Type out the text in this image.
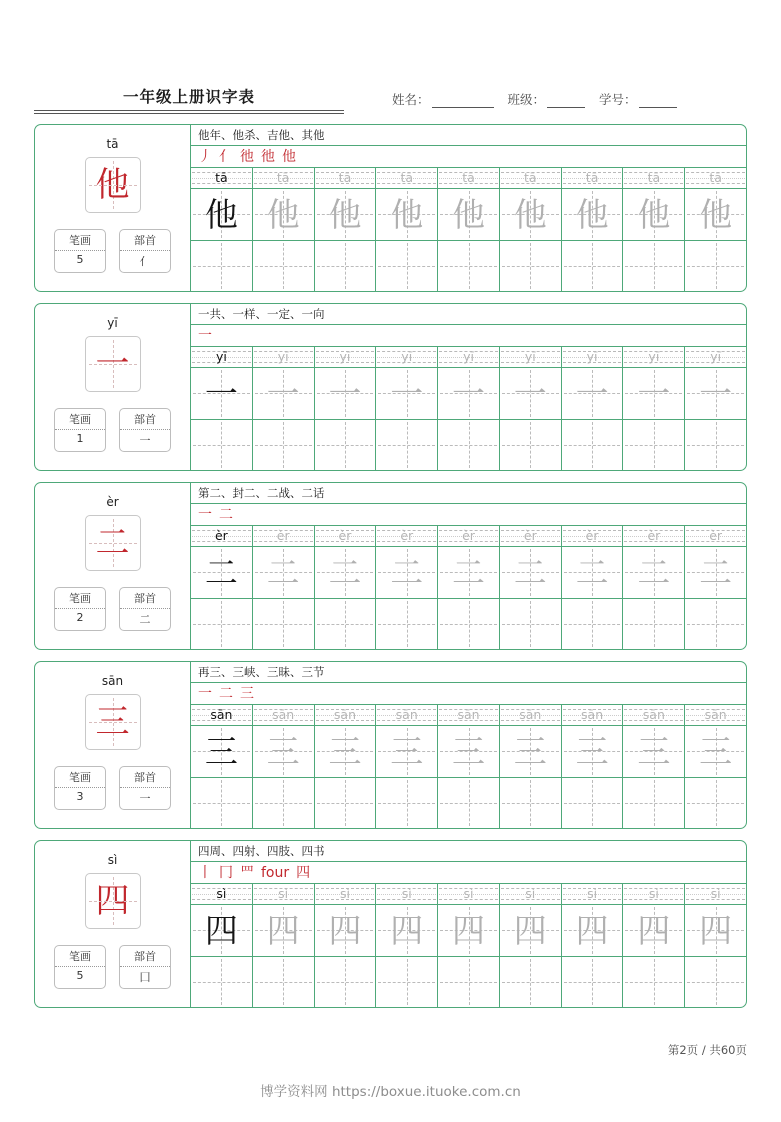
一年级上册识字表	姓名：	班级：	学号：
tā
他
笔画
5
部首
亻
他年、他杀、吉他、其他
丿 亻 彵 彵 他
tā	tā	tā	tā	tā	tā	tā	tā	tā
他 他 他 他 他 他 他 他 他
yī
一
笔画
1
部首
一
一共、一样、一定、一向
一
yī	yī	yī	yī	yī	yī	yī	yī	yī
一 一 一 一 一 一 一 一 一
èr
二
笔画
2
部首
二
第二、封二、二战、二话
一 二
èr	èr	èr	èr	èr	èr	èr	èr	èr
二 二 二 二 二 二 二 二 二
sān
三
笔画
3
部首
一
再三、三峡、三昧、三节
一 二 三
sān	sān	sān	sān	sān	sān	sān	sān	sān
三 三 三 三 三 三 三 三 三
sì
四
笔画
5
部首
囗
四周、四射、四肢、四书
丨 冂 罒 four 四
sì	sì	sì	sì	sì	sì	sì	sì	sì
四 四 四 四 四 四 四 四 四
第2页 / 共60页
博学资料网 https://boxue.ituoke.com.cn
